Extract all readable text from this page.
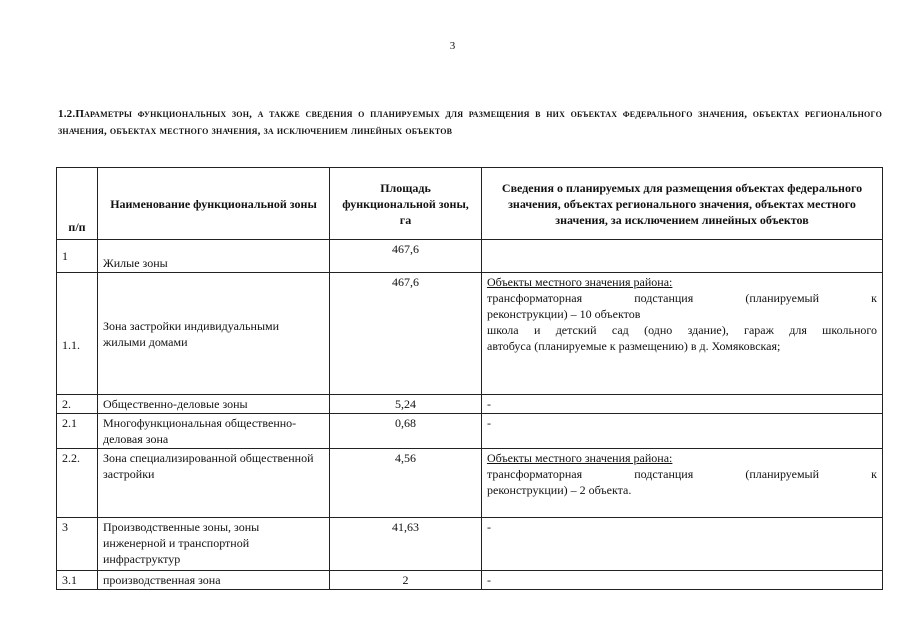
3
1.2.Параметры функциональных зон, а также сведения о планируемых для размещения в них объектах федерального значения, объектах регионального значения, объектах местного значения, за исключением линейных объектов
п/п	Наименование функциональной зоны	Площадь функциональной зоны, га	Сведения о планируемых для размещения объектах федерального значения, объектах регионального значения, объектах местного значения, за исключением линейных объектов
1	Жилые зоны	467,6	
1.1.	Зона застройки индивидуальными жилыми домами	467,6	Объекты местного значения района:
трансформаторная подстанция (планируемый к
реконструкции) – 10 объектов
школа и детский сад (одно здание), гараж для школьного
автобуса (планируемые к размещению) в д. Хомяковская;

2.	Общественно-деловые зоны	5,24	-
2.1	Многофункциональная общественно-деловая зона	0,68	-
2.2.	Зона специализированной общественной застройки	4,56	Объекты местного значения района:
трансформаторная подстанция (планируемый к
реконструкции) – 2 объекта.

3	Производственные зоны, зоны инженерной и транспортной инфраструктур	41,63	-
3.1	производственная зона	2	-
